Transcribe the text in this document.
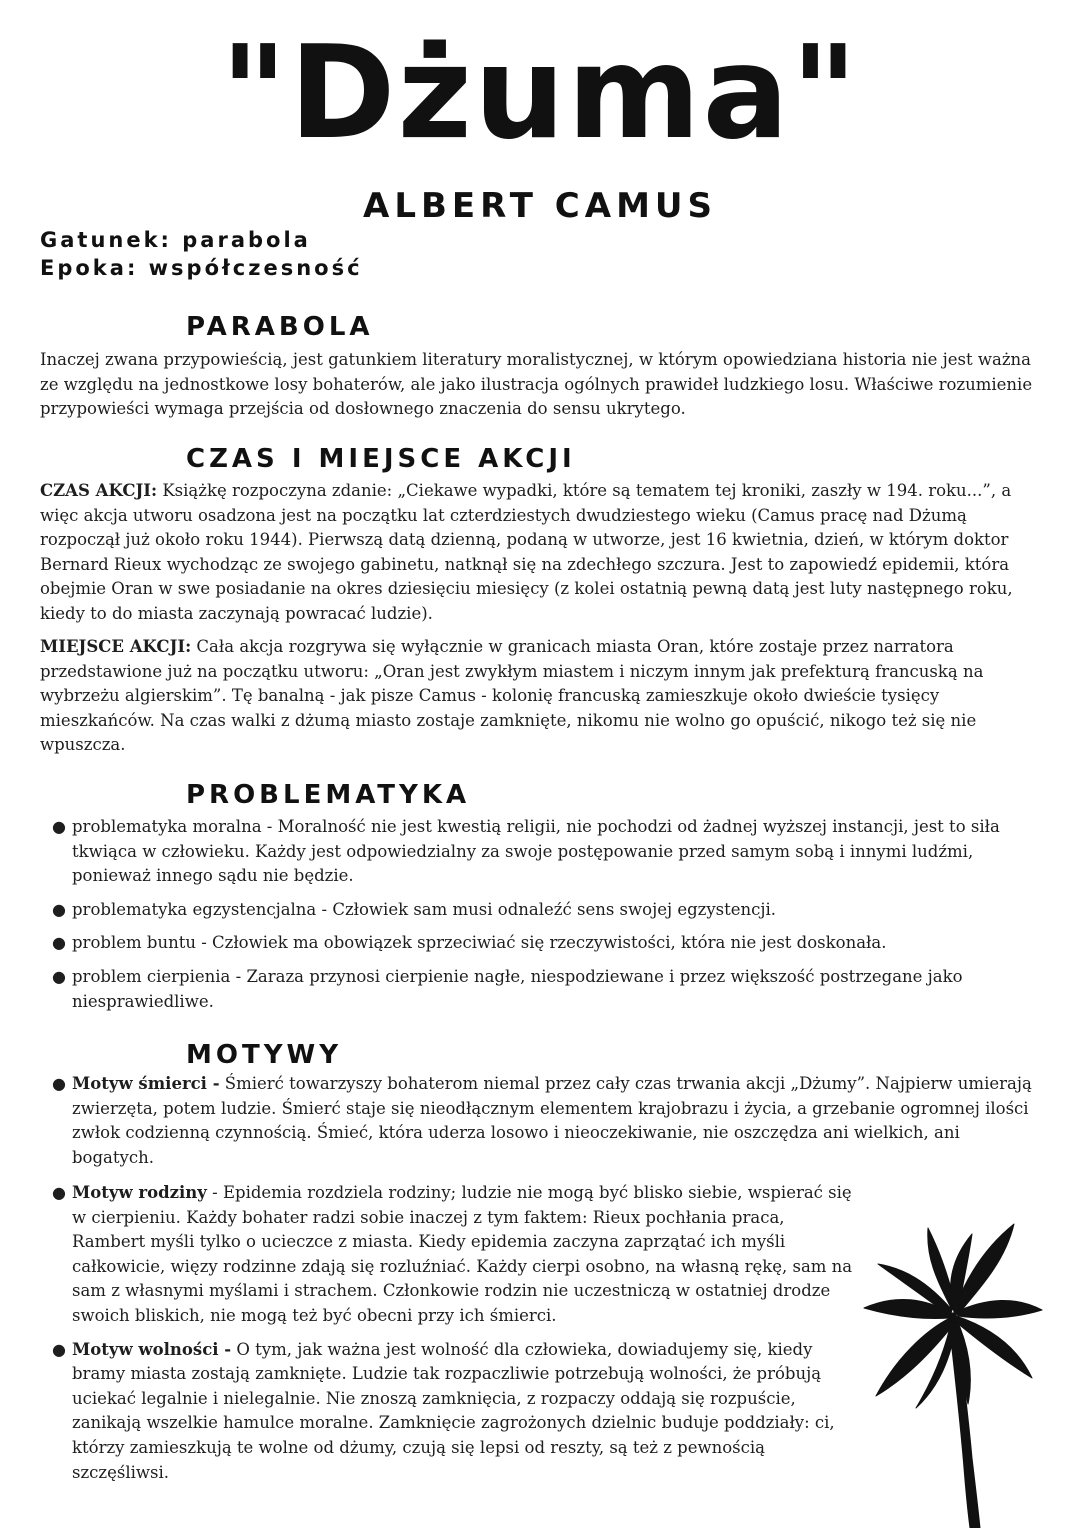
"Dżuma"
ALBERT CAMUS
Gatunek: parabola
Epoka: współczesność
PARABOLA

Inaczej zwana przypowieścią, jest gatunkiem literatury moralistycznej, w którym opowiedziana historia nie jest ważna ze względu na jednostkowe losy bohaterów, ale jako ilustracja ogólnych prawideł ludzkiego losu. Właściwe rozumienie przypowieści wymaga przejścia od dosłownego znaczenia do sensu ukrytego.

CZAS I MIEJSCE AKCJI

CZAS AKCJI: Książkę rozpoczyna zdanie: „Ciekawe wypadki, które są tematem tej kroniki, zaszły w 194. roku...”, a więc akcja utworu osadzona jest na początku lat czterdziestych dwudziestego wieku (Camus pracę nad Dżumą rozpoczął już około roku 1944). Pierwszą datą dzienną, podaną w utworze, jest 16 kwietnia, dzień, w którym doktor Bernard Rieux wychodząc ze swojego gabinetu, natknął się na zdechłego szczura. Jest to zapowiedź epidemii, która obejmie Oran w swe posiadanie na okres dziesięciu miesięcy (z kolei ostatnią pewną datą jest luty następnego roku, kiedy to do miasta zaczynają powracać ludzie).

MIEJSCE AKCJI: Cała akcja rozgrywa się wyłącznie w granicach miasta Oran, które zostaje przez narratora przedstawione już na początku utworu: „Oran jest zwykłym miastem i niczym innym jak prefekturą francuską na wybrzeżu algierskim”. Tę banalną - jak pisze Camus - kolonię francuską zamieszkuje około dwieście tysięcy mieszkańców. Na czas walki z dżumą miasto zostaje zamknięte, nikomu nie wolno go opuścić, nikogo też się nie wpuszcza.

PROBLEMATYKA
● problematyka moralna - Moralność nie jest kwestią religii, nie pochodzi od żadnej wyższej instancji, jest to siła tkwiąca w człowieku. Każdy jest odpowiedzialny za swoje postępowanie przed samym sobą i innymi ludźmi, ponieważ innego sądu nie będzie.
● problematyka egzystencjalna - Człowiek sam musi odnaleźć sens swojej egzystencji.
● problem buntu - Człowiek ma obowiązek sprzeciwiać się rzeczywistości, która nie jest doskonała.
● problem cierpienia - Zaraza przynosi cierpienie nagłe, niespodziewane i przez większość postrzegane jako niesprawiedliwe.
MOTYWY
● Motyw śmierci - Śmierć towarzyszy bohaterom niemal przez cały czas trwania akcji „Dżumy”. Najpierw umierają zwierzęta, potem ludzie. Śmierć staje się nieodłącznym elementem krajobrazu i życia, a grzebanie ogromnej ilości zwłok codzienną czynnością. Śmieć, która uderza losowo i nieoczekiwanie, nie oszczędza ani wielkich, ani bogatych.
● Motyw rodziny - Epidemia rozdziela rodziny; ludzie nie mogą być blisko siebie, wspierać się w cierpieniu. Każdy bohater radzi sobie inaczej z tym faktem: Rieux pochłania praca, Rambert myśli tylko o ucieczce z miasta. Kiedy epidemia zaczyna zaprzątać ich myśli całkowicie, więzy rodzinne zdają się rozluźniać. Każdy cierpi osobno, na własną rękę, sam na sam z własnymi myślami i strachem. Członkowie rodzin nie uczestniczą w ostatniej drodze swoich bliskich, nie mogą też być obecni przy ich śmierci.
● Motyw wolności - O tym, jak ważna jest wolność dla człowieka, dowiadujemy się, kiedy bramy miasta zostają zamknięte. Ludzie tak rozpaczliwie potrzebują wolności, że próbują uciekać legalnie i nielegalnie. Nie znoszą zamknięcia, z rozpaczy oddają się rozpuście, zanikają wszelkie hamulce moralne. Zamknięcie zagrożonych dzielnic buduje poddziały: ci, którzy zamieszkują te wolne od dżumy, czują się lepsi od reszty, są też z pewnością szczęśliwsi.
